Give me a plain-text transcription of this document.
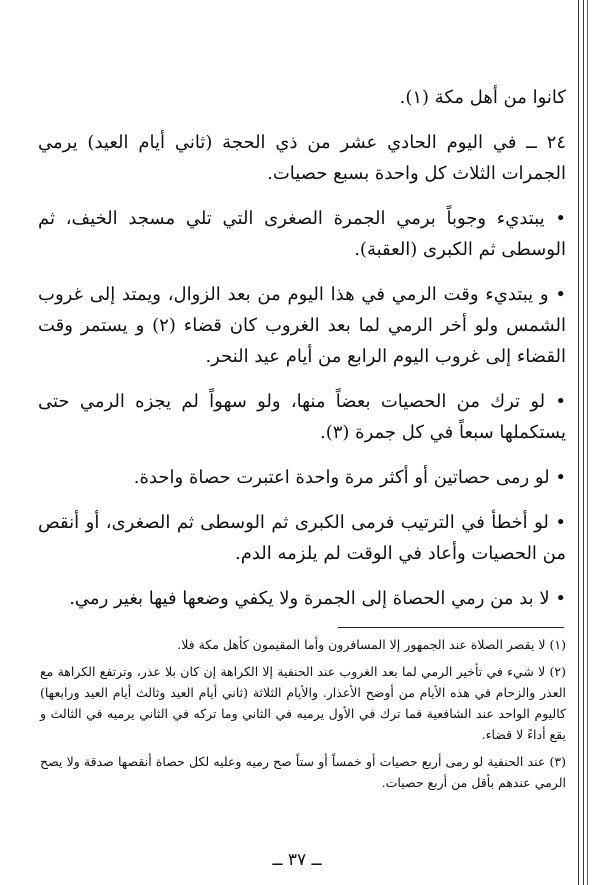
كانوا من أهل مكة (١).

٢٤ ــ في اليوم الحادي عشر من ذي الحجة (ثاني أيام العيد) يرمي الجمرات الثلاث كل واحدة بسبع حصيات.

• يبتديء وجوباً برمي الجمرة الصغرى التي تلي مسجد الخيف، ثم الوسطى ثم الكبرى (العقبة).

• و يبتديء وقت الرمي في هذا اليوم من بعد الزوال، ويمتد إلى غروب الشمس ولو أخر الرمي لما بعد الغروب كان قضاء (٢) و يستمر وقت القضاء إلى غروب اليوم الرابع من أيام عيد النحر.

• لو ترك من الحصيات بعضاً منها، ولو سهواً لم يجزه الرمي حتى يستكملها سبعاً في كل جمرة (٣).

• لو رمى حصاتين أو أكثر مرة واحدة اعتبرت حصاة واحدة.

• لو أخطأ في الترتيب فرمى الكبرى ثم الوسطى ثم الصغرى، أو أنقص من الحصيات وأعاد في الوقت لم يلزمه الدم.

• لا بد من رمي الحصاة إلى الجمرة ولا يكفي وضعها فيها بغير رمي.

(١) لا يقصر الصلاة عند الجمهور إلا المسافرون وأما المقيمون كأهل مكة فلا.

(٢) لا شيء في تأخير الرمي لما بعد الغروب عند الحنفية إلا الكراهة إن كان بلا عذر، وترتفع الكراهة مع العذر والزحام في هذه الأيام من أوضح الأعذار. والأيام الثلاثة (ثاني أيام العيد وثالث أيام العيد ورابعها) كاليوم الواحد عند الشافعية فما ترك في الأول يرميه في الثاني وما تركه في الثاني يرميه في الثالث و يقع أداءً لا قضاء.

(٣) عند الحنفية لو رمى أربع حصيات أو خمساً أو ستاً صح رميه وعليه لكل حصاة أنقصها صدقة ولا يصح الرمي عندهم بأقل من أربع حصيات.

ــ ٣٧ ــ
